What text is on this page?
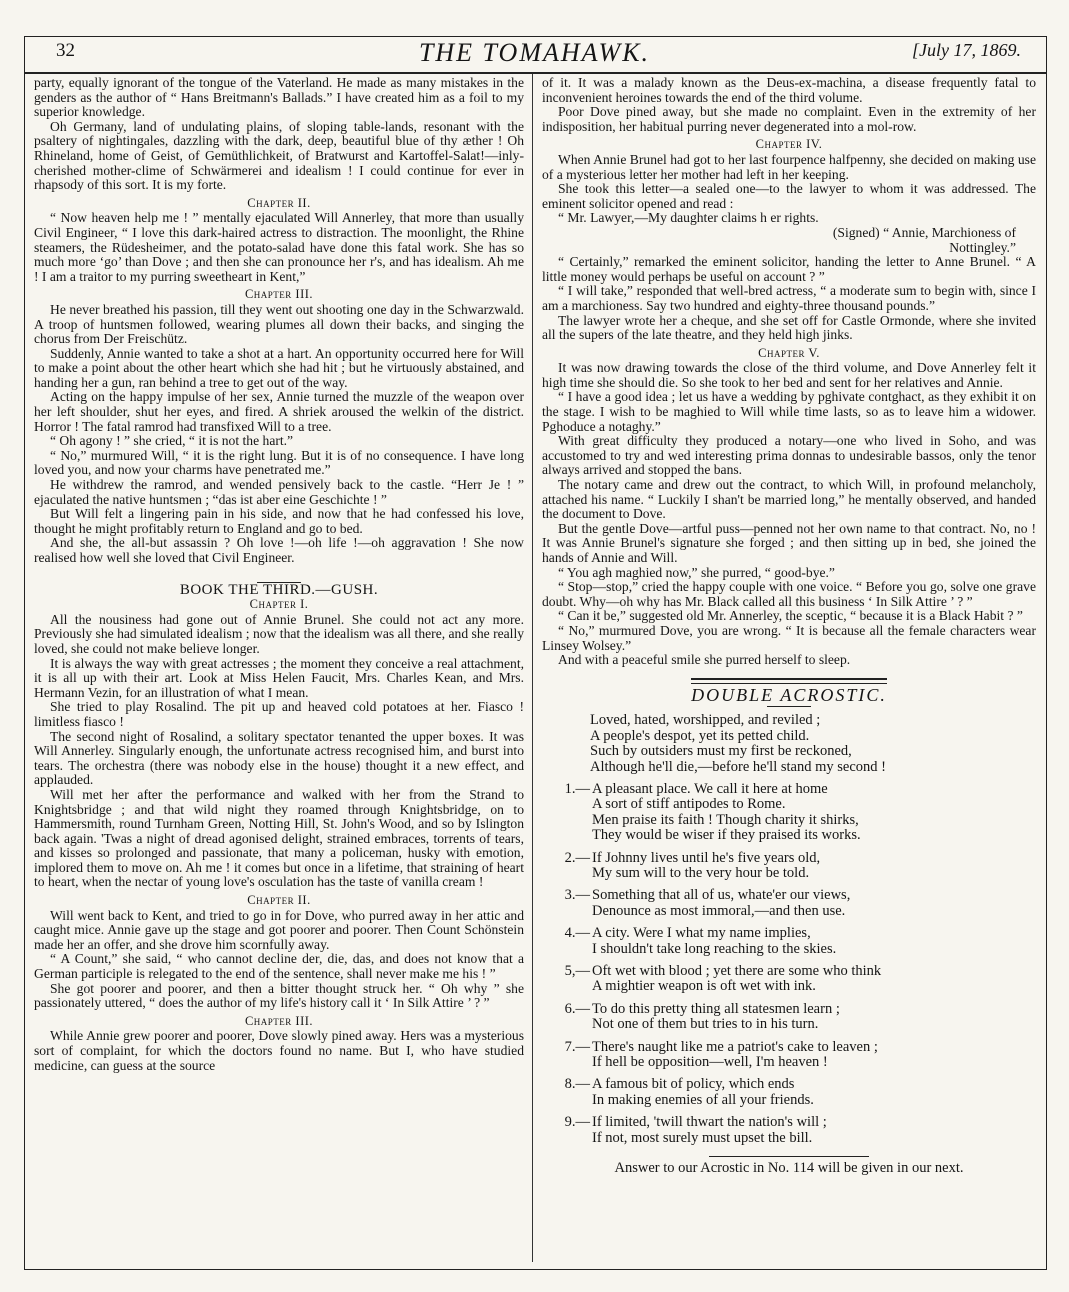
32	THE TOMAHAWK.	[July 17, 1869.

party, equally ignorant of the tongue of the Vaterland. He made as many mistakes in the genders as the author of “ Hans Breitmann's Ballads.” I have created him as a foil to my superior knowledge.

Oh Germany, land of undulating plains, of sloping table-lands, resonant with the psaltery of nightingales, dazzling with the dark, deep, beautiful blue of thy æther ! Oh Rhineland, home of Geist, of Gemüthlichkeit, of Bratwurst and Kartoffel-Salat!—inly-cherished mother-clime of Schwärmerei and idealism ! I could continue for ever in rhapsody of this sort. It is my forte.

Chapter II.

“ Now heaven help me ! ” mentally ejaculated Will Annerley, that more than usually Civil Engineer, “ I love this dark-haired actress to distraction. The moonlight, the Rhine steamers, the Rüdesheimer, and the potato-salad have done this fatal work. She has so much more ‘go’ than Dove ; and then she can pronounce her r's, and has idealism. Ah me ! I am a traitor to my purring sweetheart in Kent,”

Chapter III.

He never breathed his passion, till they went out shooting one day in the Schwarzwald. A troop of huntsmen followed, wearing plumes all down their backs, and singing the chorus from Der Freischütz.

Suddenly, Annie wanted to take a shot at a hart. An opportunity occurred here for Will to make a point about the other heart which she had hit ; but he virtuously abstained, and handing her a gun, ran behind a tree to get out of the way.

Acting on the happy impulse of her sex, Annie turned the muzzle of the weapon over her left shoulder, shut her eyes, and fired. A shriek aroused the welkin of the district. Horror ! The fatal ramrod had transfixed Will to a tree.

“ Oh agony ! ” she cried, “ it is not the hart.”

“ No,” murmured Will, “ it is the right lung. But it is of no consequence. I have long loved you, and now your charms have penetrated me.”

He withdrew the ramrod, and wended pensively back to the castle. “Herr Je ! ” ejaculated the native huntsmen ; “das ist aber eine Geschichte ! ”

But Will felt a lingering pain in his side, and now that he had confessed his love, thought he might profitably return to England and go to bed.

And she, the all-but assassin ? Oh love !—oh life !—oh aggravation ! She now realised how well she loved that Civil Engineer.

BOOK THE THIRD.—GUSH.
Chapter I.

All the nousiness had gone out of Annie Brunel. She could not act any more. Previously she had simulated idealism ; now that the idealism was all there, and she really loved, she could not make believe longer.

It is always the way with great actresses ; the moment they conceive a real attachment, it is all up with their art. Look at Miss Helen Faucit, Mrs. Charles Kean, and Mrs. Hermann Vezin, for an illustration of what I mean.

She tried to play Rosalind. The pit up and heaved cold potatoes at her. Fiasco ! limitless fiasco !

The second night of Rosalind, a solitary spectator tenanted the upper boxes. It was Will Annerley. Singularly enough, the unfortunate actress recognised him, and burst into tears. The orchestra (there was nobody else in the house) thought it a new effect, and applauded.

Will met her after the performance and walked with her from the Strand to Knightsbridge ; and that wild night they roamed through Knightsbridge, on to Hammersmith, round Turnham Green, Notting Hill, St. John's Wood, and so by Islington back again. 'Twas a night of dread agonised delight, strained embraces, torrents of tears, and kisses so prolonged and passionate, that many a policeman, husky with emotion, implored them to move on. Ah me ! it comes but once in a lifetime, that straining of heart to heart, when the nectar of young love's osculation has the taste of vanilla cream !

Chapter II.

Will went back to Kent, and tried to go in for Dove, who purred away in her attic and caught mice. Annie gave up the stage and got poorer and poorer. Then Count Schönstein made her an offer, and she drove him scornfully away.

“ A Count,” she said, “ who cannot decline der, die, das, and does not know that a German participle is relegated to the end of the sentence, shall never make me his ! ”

She got poorer and poorer, and then a bitter thought struck her. “ Oh why ” she passionately uttered, “ does the author of my life's history call it ‘ In Silk Attire ’ ? ”

Chapter III.

While Annie grew poorer and poorer, Dove slowly pined away. Hers was a mysterious sort of complaint, for which the doctors found no name. But I, who have studied medicine, can guess at the source

of it. It was a malady known as the Deus-ex-machina, a disease frequently fatal to inconvenient heroines towards the end of the third volume.

Poor Dove pined away, but she made no complaint. Even in the extremity of her indisposition, her habitual purring never degenerated into a mol-row.

Chapter IV.

When Annie Brunel had got to her last fourpence halfpenny, she decided on making use of a mysterious letter her mother had left in her keeping.

She took this letter—a sealed one—to the lawyer to whom it was addressed. The eminent solicitor opened and read :

“ Mr. Lawyer,—My daughter claims h er rights.

(Signed) “ Annie, Marchioness of
Nottingley.”

“ Certainly,” remarked the eminent solicitor, handing the letter to Anne Brunel. “ A little money would perhaps be useful on account ? ”

“ I will take,” responded that well-bred actress, “ a moderate sum to begin with, since I am a marchioness. Say two hundred and eighty-three thousand pounds.”

The lawyer wrote her a cheque, and she set off for Castle Ormonde, where she invited all the supers of the late theatre, and they held high jinks.

Chapter V.

It was now drawing towards the close of the third volume, and Dove Annerley felt it high time she should die. So she took to her bed and sent for her relatives and Annie.

“ I have a good idea ; let us have a wedding by pghivate contghact, as they exhibit it on the stage. I wish to be maghied to Will while time lasts, so as to leave him a widower. Pghoduce a notaghy.”

With great difficulty they produced a notary—one who lived in Soho, and was accustomed to try and wed interesting prima donnas to undesirable bassos, only the tenor always arrived and stopped the bans.

The notary came and drew out the contract, to which Will, in profound melancholy, attached his name. “ Luckily I shan't be married long,” he mentally observed, and handed the document to Dove.

But the gentle Dove—artful puss—penned not her own name to that contract. No, no ! It was Annie Brunel's signature she forged ; and then sitting up in bed, she joined the hands of Annie and Will.

“ You agh maghied now,” she purred, “ good-bye.”

“ Stop—stop,” cried the happy couple with one voice. “ Before you go, solve one grave doubt. Why—oh why has Mr. Black called all this business ‘ In Silk Attire ’ ? ”

“ Can it be,” suggested old Mr. Annerley, the sceptic, “ because it is a Black Habit ? ”

“ No,” murmured Dove, you are wrong. “ It is because all the female characters wear Linsey Wolsey.”

And with a peaceful smile she purred herself to sleep.

DOUBLE ACROSTIC.
Loved, hated, worshipped, and reviled ;
A people's despot, yet its petted child.
Such by outsiders must my first be reckoned,
Although he'll die,—before he'll stand my second !
1.— A pleasant place. We call it here at home
A sort of stiff antipodes to Rome.
Men praise its faith ! Though charity it shirks,
They would be wiser if they praised its works.
2.— If Johnny lives until he's five years old,
My sum will to the very hour be told.
3.— Something that all of us, whate'er our views,
Denounce as most immoral,—and then use.
4.— A city. Were I what my name implies,
I shouldn't take long reaching to the skies.
5,— Oft wet with blood ; yet there are some who think
A mightier weapon is oft wet with ink.
6.— To do this pretty thing all statesmen learn ;
Not one of them but tries to in his turn.
7.— There's naught like me a patriot's cake to leaven ;
If hell be opposition—well, I'm heaven !
8.— A famous bit of policy, which ends
In making enemies of all your friends.
9.— If limited, 'twill thwart the nation's will ;
If not, most surely must upset the bill.
Answer to our Acrostic in No. 114 will be given in our next.
